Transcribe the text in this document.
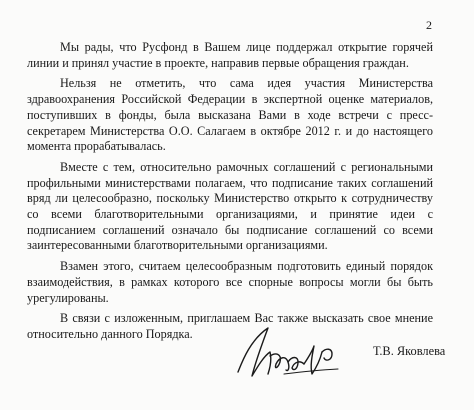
2

Мы рады, что Русфонд в Вашем лице поддержал открытие горячей линии и принял участие в проекте, направив первые обращения граждан.

Нельзя не отметить, что сама идея участия Министерства здравоохранения Российской Федерации в экспертной оценке материалов, поступивших в фонды, была высказана Вами в ходе встречи с пресс-секретарем Министерства О.О. Салагаем в октябре 2012 г. и до настоящего момента прорабатывалась.

Вместе с тем, относительно рамочных соглашений с региональными профильными министерствами полагаем, что подписание таких соглашений вряд ли целесообразно, поскольку Министерство открыто к сотрудничеству со всеми благотворительными организациями, и принятие идеи с подписанием соглашений означало бы подписание соглашений со всеми заинтересованными благотворительными организациями.

Взамен этого, считаем целесообразным подготовить единый порядок взаимодействия, в рамках которого все спорные вопросы могли бы быть урегулированы.

В связи с изложенным, приглашаем Вас также высказать свое мнение относительно данного Порядка.

Т.В. Яковлева
